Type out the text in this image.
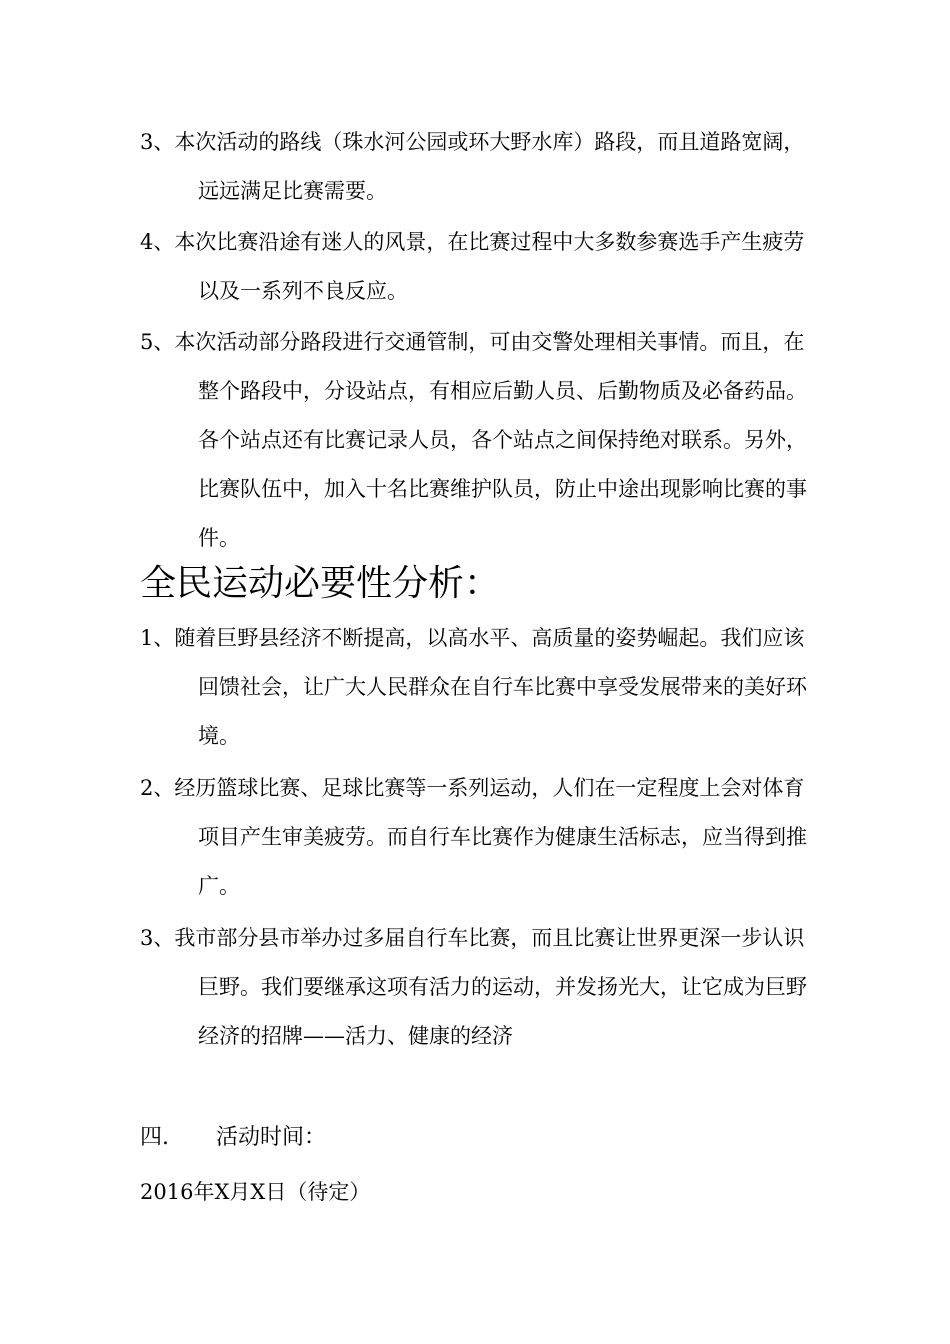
3、本次活动的路线（珠水河公园或环大野水库）路段，而且道路宽阔，远远满足比赛需要。
4、本次比赛沿途有迷人的风景，在比赛过程中大多数参赛选手产生疲劳以及一系列不良反应。
5、本次活动部分路段进行交通管制，可由交警处理相关事情。而且，在整个路段中，分设站点，有相应后勤人员、后勤物质及必备药品。各个站点还有比赛记录人员，各个站点之间保持绝对联系。另外，比赛队伍中，加入十名比赛维护队员，防止中途出现影响比赛的事件。
全民运动必要性分析：
1、随着巨野县经济不断提高，以高水平、高质量的姿势崛起。我们应该回馈社会，让广大人民群众在自行车比赛中享受发展带来的美好环境。
2、经历篮球比赛、足球比赛等一系列运动，人们在一定程度上会对体育项目产生审美疲劳。而自行车比赛作为健康生活标志，应当得到推广。
3、我市部分县市举办过多届自行车比赛，而且比赛让世界更深一步认识巨野。我们要继承这项有活力的运动，并发扬光大，让它成为巨野经济的招牌——活力、健康的经济
四. 活动时间：
2016年X月X日（待定）
